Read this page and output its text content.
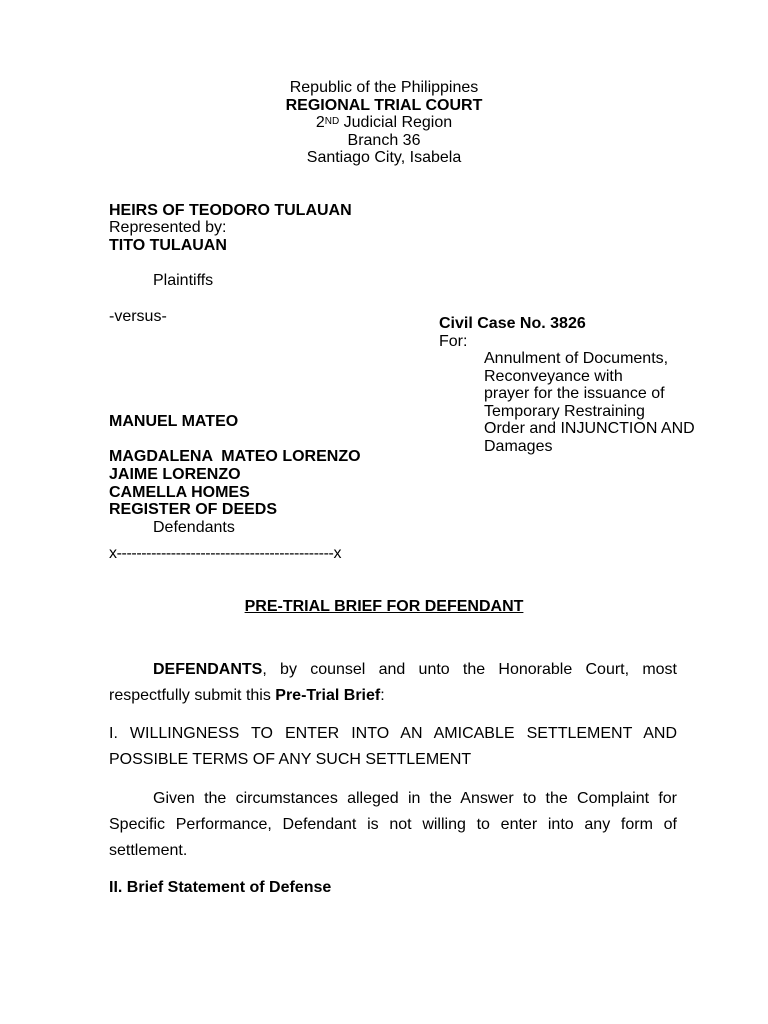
Republic of the Philippines
REGIONAL TRIAL COURT
2ND Judicial Region
Branch 36
Santiago City, Isabela
HEIRS OF TEODORO TULAUAN
Represented by:
TITO TULAUAN
Plaintiffs
-versus-	Civil Case No. 3826
For:
Annulment of Documents,
Reconveyance with
prayer for the issuance of
Temporary Restraining
Order and INJUNCTION AND
Damages
MANUEL MATEO
MAGDALENA  MATEO LORENZO
JAIME LORENZO
CAMELLA HOMES
REGISTER OF DEEDS
Defendants
x--------------------------------------------x
PRE-TRIAL BRIEF FOR DEFENDANT
DEFENDANTS, by counsel and unto the Honorable Court, most respectfully submit this Pre-Trial Brief:
I. WILLINGNESS TO ENTER INTO AN AMICABLE SETTLEMENT AND POSSIBLE TERMS OF ANY SUCH SETTLEMENT
Given the circumstances alleged in the Answer to the Complaint for Specific Performance, Defendant is not willing to enter into any form of settlement.
II. Brief Statement of Defense
